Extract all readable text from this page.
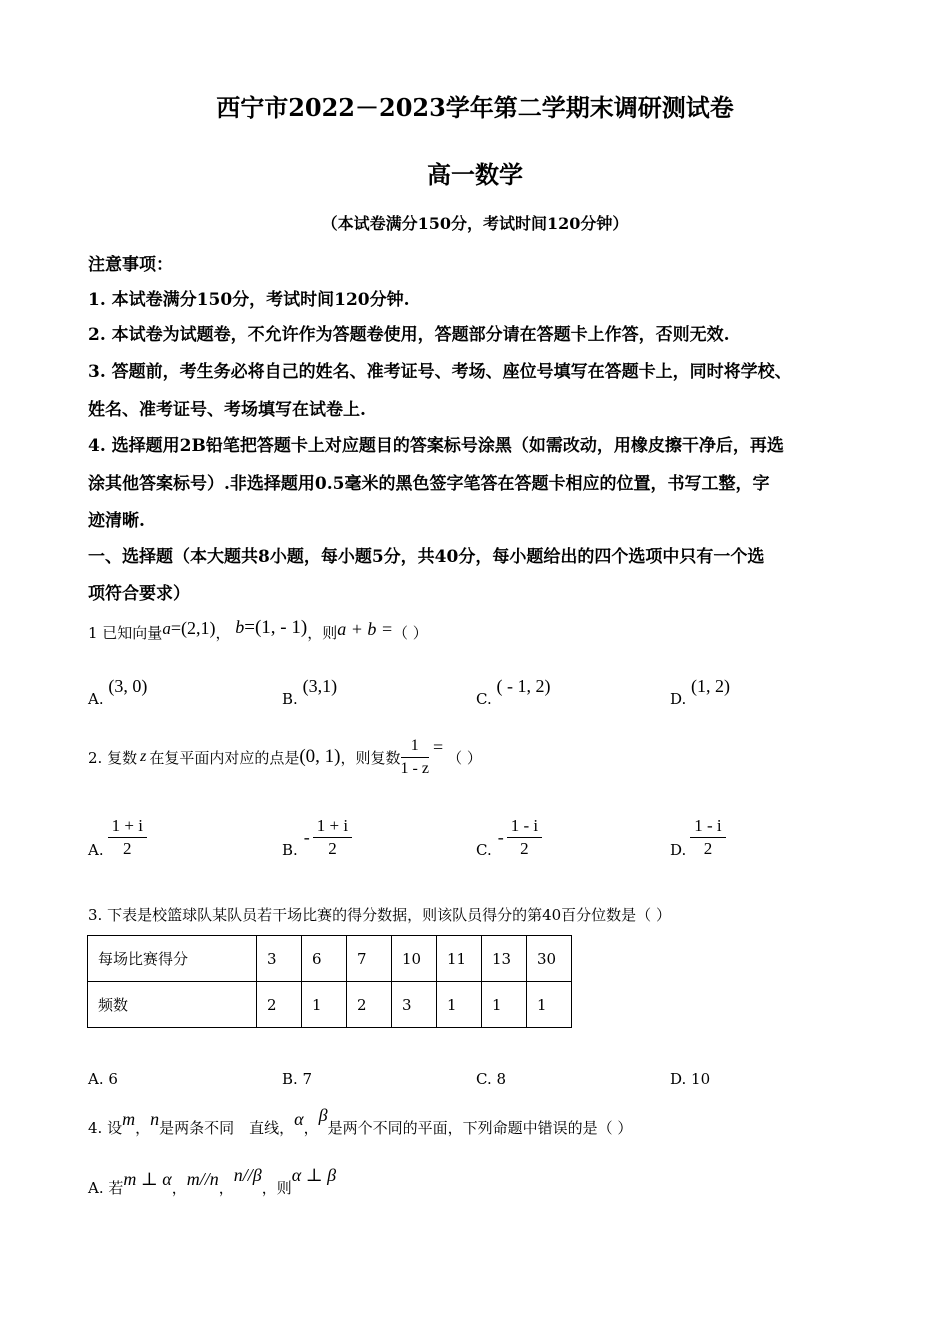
西宁市2022－2023学年第二学期末调研测试卷
高一数学
（本试卷满分150分，考试时间120分钟）
注意事项：
1. 本试卷满分150分，考试时间120分钟.
2. 本试卷为试题卷，不允许作为答题卷使用，答题部分请在答题卡上作答，否则无效.
3. 答题前，考生务必将自己的姓名、准考证号、考场、座位号填写在答题卡上，同时将学校、
姓名、准考证号、考场填写在试卷上.
4. 选择题用2B铅笔把答题卡上对应题目的答案标号涂黑（如需改动，用橡皮擦干净后，再选
涂其他答案标号）.非选择题用0.5毫米的黑色签字笔答在答题卡相应的位置，书写工整，字
迹清晰.
一、选择题（本大题共8小题，每小题5分，共40分，每小题给出的四个选项中只有一个选
项符合要求）
1 已知向量a=(2,1)， b=(1, - 1)，则a + b =（ ）
A. (3, 0)
B. (3,1)
C. ( - 1, 2)
D. (1, 2)
2. 复数 z 在复平面内对应的点是 (0, 1) ，则复数 $\frac{1}{1 - z}$ =
（ ）
A. $\frac{1 + i}{2}$	B.
- $\frac{1 + i}{2}$	C.
- $\frac{1 - i}{2}$	D. $\frac{1 - i}{2}$
3. 下表是校篮球队某队员若干场比赛的得分数据，则该队员得分的第40百分位数是（ ）
每场比赛得分	3	6	7	10	11	13	30
频数	2	1	2	3	1	1	1
A. 6	B. 7	C. 8	D. 10
4. 设m，n是两条不同　直线，α，β是两个不同的平面，下列命题中错误的是（ ）
A. 若m ⊥ α，m//n，n//β，则α ⊥ β
